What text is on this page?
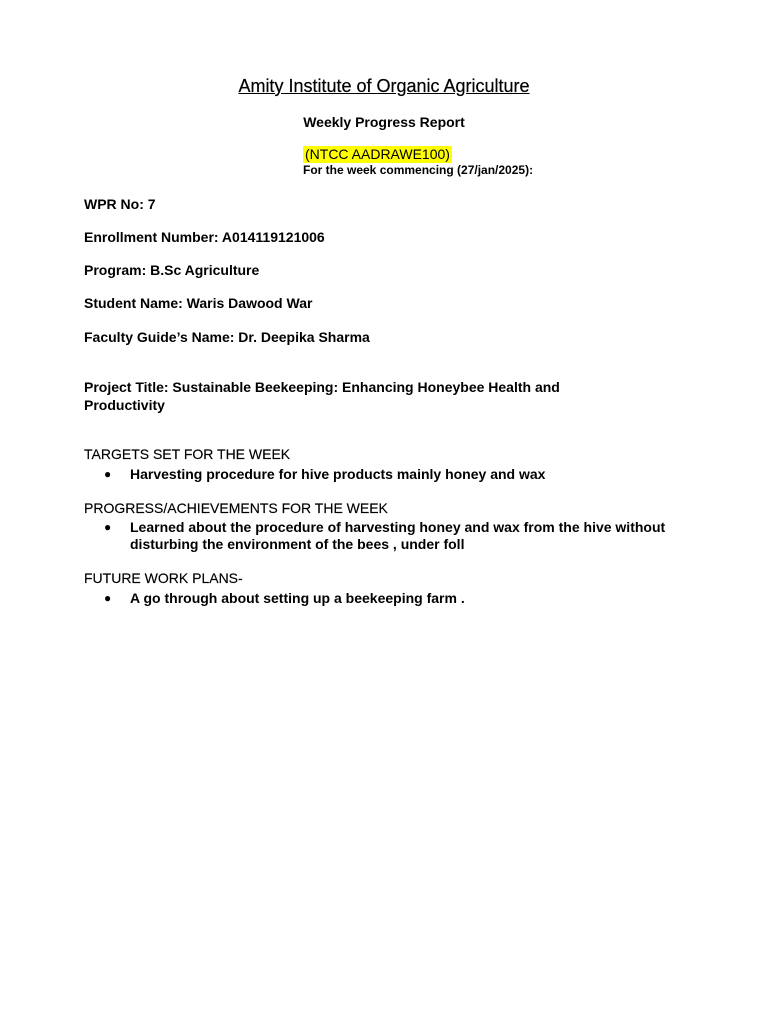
Amity Institute of Organic Agriculture
Weekly Progress Report
(NTCC AADRAWE100)
For the week commencing (27/jan/2025):
WPR No: 7
Enrollment Number: A014119121006
Program: B.Sc Agriculture
Student Name: Waris Dawood War
Faculty Guide’s Name: Dr. Deepika Sharma
Project Title: Sustainable Beekeeping: Enhancing Honeybee Health and Productivity
TARGETS SET FOR THE WEEK
●	Harvesting procedure for hive products mainly honey and wax
PROGRESS/ACHIEVEMENTS FOR THE WEEK
●	Learned about the procedure of harvesting honey and wax from the hive without disturbing the environment of the bees , under foll
FUTURE WORK PLANS-
●	A go through about setting up a beekeeping farm .
